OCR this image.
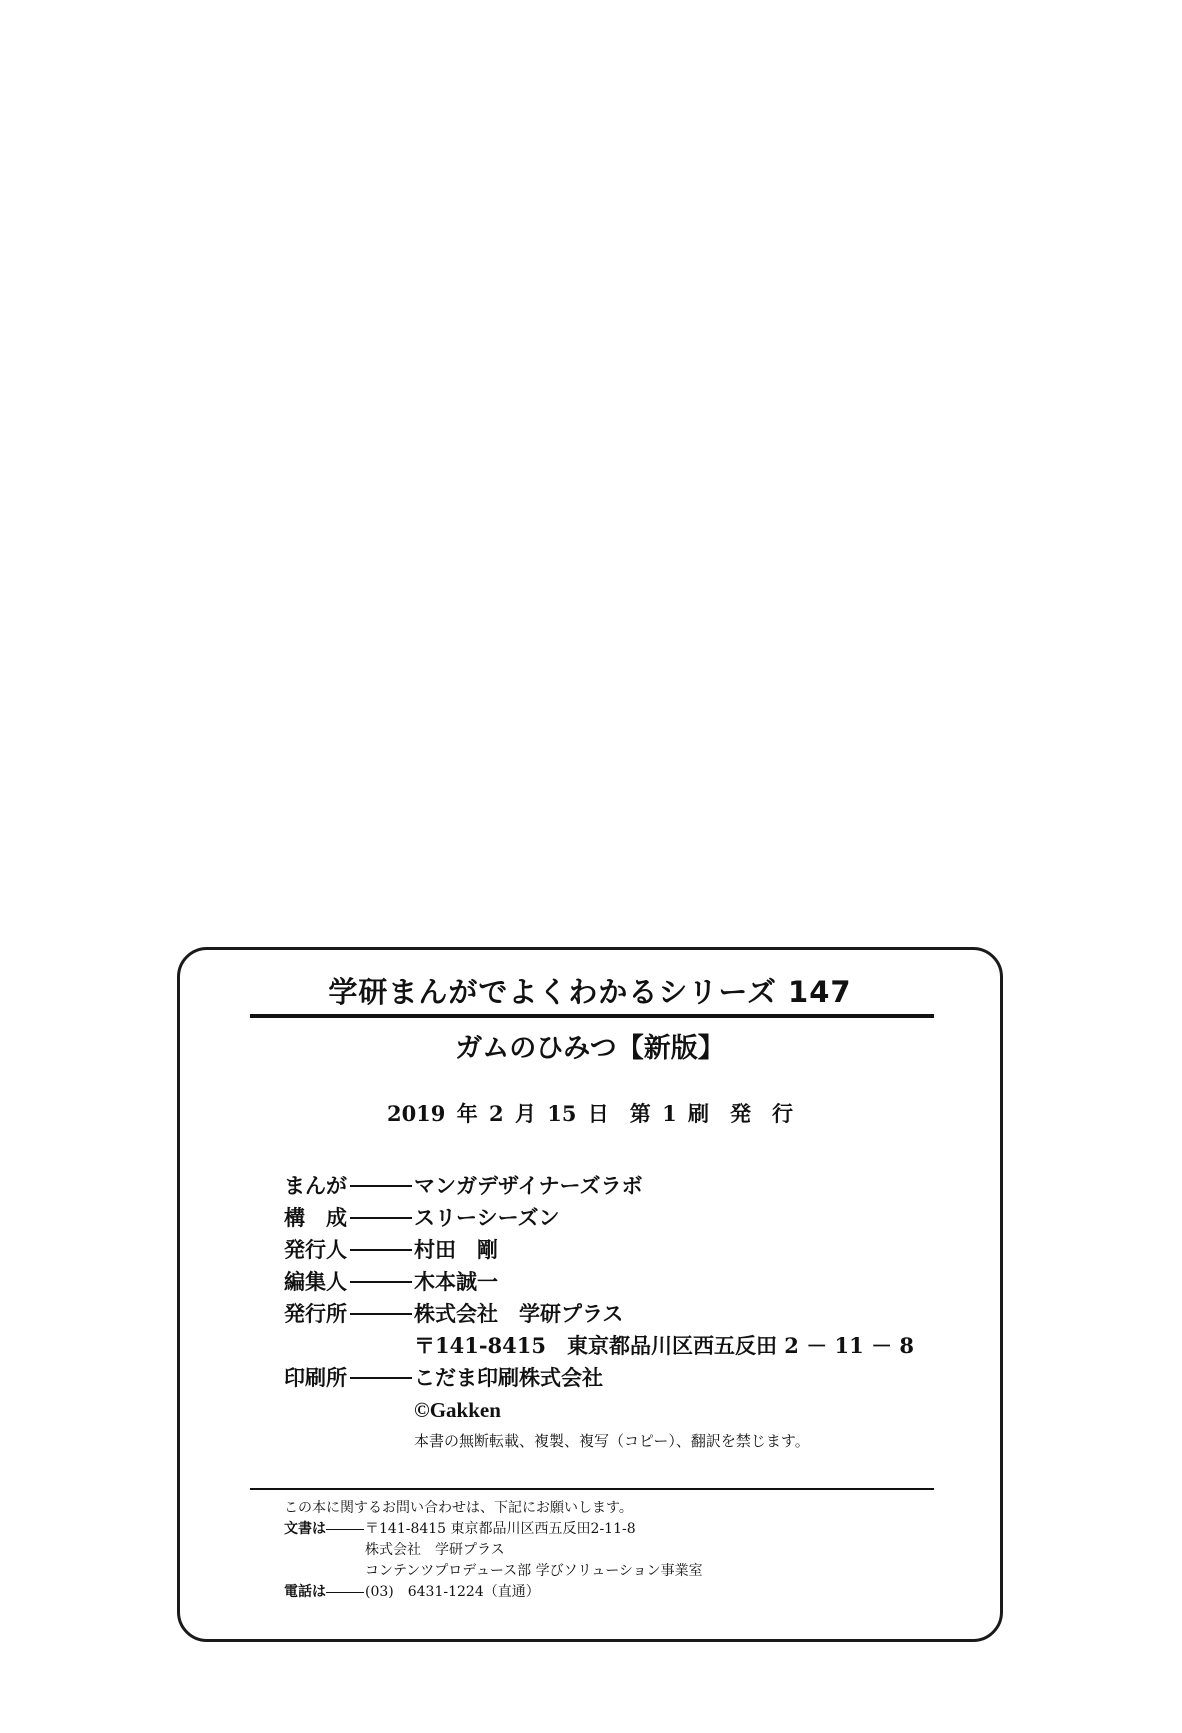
学研まんがでよくわかるシリーズ 147
ガムのひみつ【新版】
2019 年 2 月 15 日　第 1 刷　発　行
まんが	マンガデザイナーズラボ
構　成	スリーシーズン
発行人	村田　剛
編集人	木本誠一
発行所	株式会社　学研プラス
〒141-8415　東京都品川区西五反田 2 － 11 － 8
印刷所	こだま印刷株式会社
©Gakken
本書の無断転載、複製、複写（コピー）、翻訳を禁じます。
この本に関するお問い合わせは、下記にお願いします。
文書は	〒141-8415 東京都品川区西五反田2-11-8
株式会社　学研プラス
コンテンツプロデュース部 学びソリューション事業室
電話は	(03)　6431-1224（直通）
